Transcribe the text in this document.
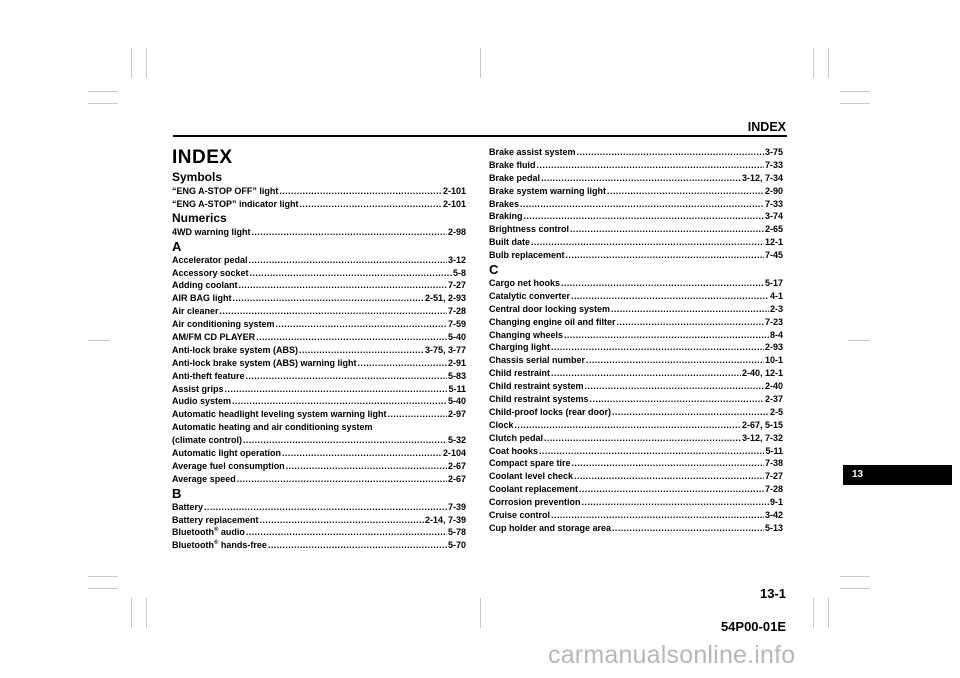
INDEX
13
INDEX
Symbols
“ENG A-STOP OFF” light .....	2-101
“ENG A-STOP” indicator light .....	2-101
Numerics
4WD warning light .....	2-98
A
Accelerator pedal .....	3-12
Accessory socket .....	5-8
Adding coolant .....	7-27
AIR BAG light .....	2-51, 2-93
Air cleaner .....	7-28
Air conditioning system .....	7-59
AM/FM CD PLAYER .....	5-40
Anti-lock brake system (ABS) .....	3-75, 3-77
Anti-lock brake system (ABS) warning light .....	2-91
Anti-theft feature .....	5-83
Assist grips .....	5-11
Audio system .....	5-40
Automatic headlight leveling system warning light .....	2-97
Automatic heating and air conditioning system
(climate control) .....	5-32
Automatic light operation .....	2-104
Average fuel consumption .....	2-67
Average speed .....	2-67
B
Battery .....	7-39
Battery replacement .....	2-14, 7-39
Bluetooth® audio .....	5-78
Bluetooth® hands-free .....	5-70
Brake assist system .....	3-75
Brake fluid .....	7-33
Brake pedal .....	3-12, 7-34
Brake system warning light .....	2-90
Brakes .....	7-33
Braking .....	3-74
Brightness control .....	2-65
Built date .....	12-1
Bulb replacement .....	7-45
C
Cargo net hooks .....	5-17
Catalytic converter .....	4-1
Central door locking system .....	2-3
Changing engine oil and filter .....	7-23
Changing wheels .....	8-4
Charging light .....	2-93
Chassis serial number .....	10-1
Child restraint .....	2-40, 12-1
Child restraint system .....	2-40
Child restraint systems .....	2-37
Child-proof locks (rear door) .....	2-5
Clock .....	2-67, 5-15
Clutch pedal .....	3-12, 7-32
Coat hooks .....	5-11
Compact spare tire .....	7-38
Coolant level check .....	7-27
Coolant replacement .....	7-28
Corrosion prevention .....	9-1
Cruise control .....	3-42
Cup holder and storage area .....	5-13
13-1
54P00-01E
carmanualsonline.info
